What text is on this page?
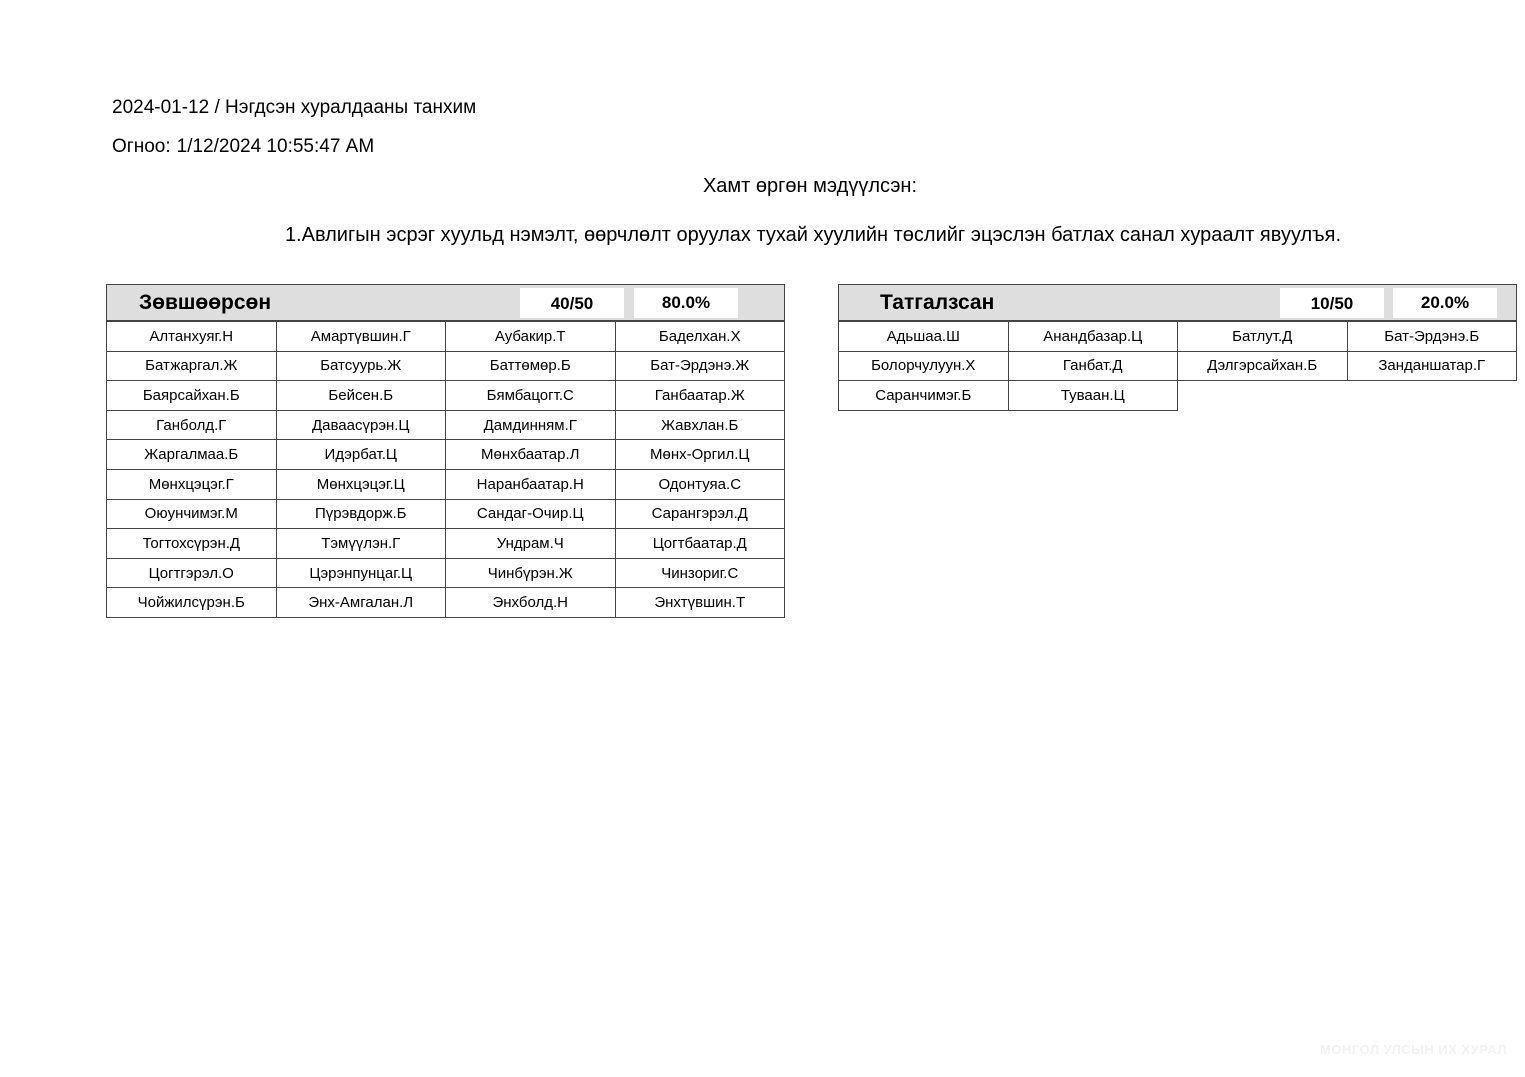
2024-01-12 / Нэгдсэн хуралдааны танхим
Огноо: 1/12/2024 10:55:47 AM
Хамт өргөн мэдүүлсэн:
1.Авлигын эсрэг хуульд нэмэлт, өөрчлөлт оруулах тухай хуулийн төслийг эцэслэн батлах санал хураалт явуулъя.
Зөвшөөрсөн	40/50	80.0%
Алтанхуяг.Н	Амартүвшин.Г	Аубакир.Т	Баделхан.Х
Батжаргал.Ж	Батсуурь.Ж	Баттөмөр.Б	Бат-Эрдэнэ.Ж
Баярсайхан.Б	Бейсен.Б	Бямбацогт.С	Ганбаатар.Ж
Ганболд.Г	Даваасүрэн.Ц	Дамдинням.Г	Жавхлан.Б
Жаргалмаа.Б	Идэрбат.Ц	Мөнхбаатар.Л	Мөнх-Оргил.Ц
Мөнхцэцэг.Г	Мөнхцэцэг.Ц	Наранбаатар.Н	Одонтуяа.С
Оюунчимэг.М	Пүрэвдорж.Б	Сандаг-Очир.Ц	Сарангэрэл.Д
Тогтохсүрэн.Д	Тэмүүлэн.Г	Ундрам.Ч	Цогтбаатар.Д
Цогтгэрэл.О	Цэрэнпунцаг.Ц	Чинбүрэн.Ж	Чинзориг.С
Чойжилсүрэн.Б	Энх-Амгалан.Л	Энхболд.Н	Энхтүвшин.Т
Татгалзсан	10/50	20.0%
Адьшаа.Ш	Анандбазар.Ц	Батлут.Д	Бат-Эрдэнэ.Б
Болорчулуун.Х	Ганбат.Д	Дэлгэрсайхан.Б	Занданшатар.Г
Саранчимэг.Б	Туваан.Ц		
МОНГОЛ УЛСЫН ИХ ХУРАЛ
